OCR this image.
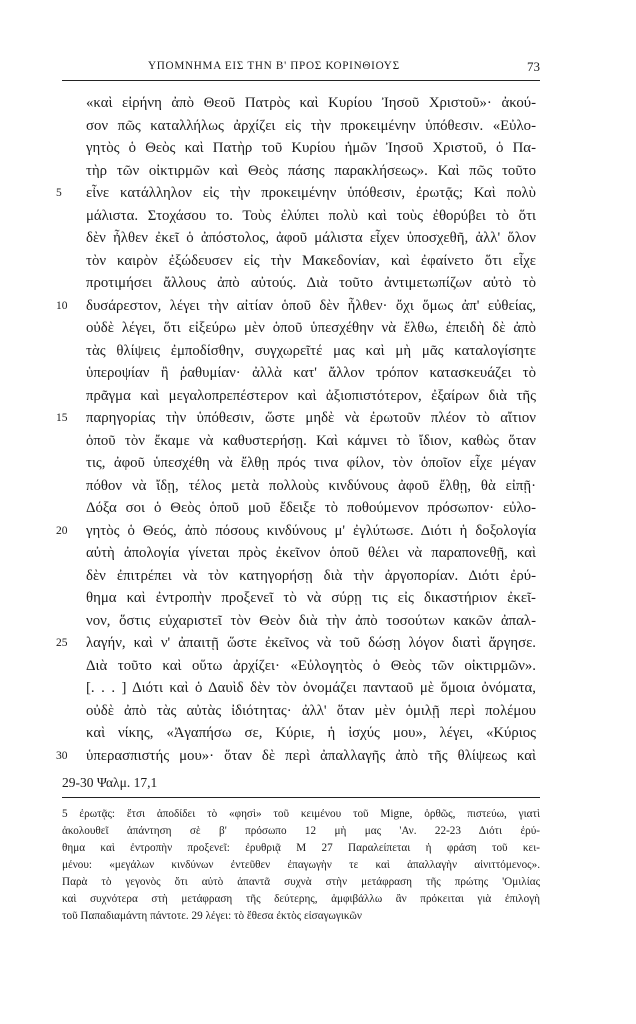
ΥΠΟΜΝΗΜΑ ΕΙΣ ΤΗΝ Β' ΠΡΟΣ ΚΟΡΙΝΘΙΟΥΣ	73
«καὶ εἰρήνη ἀπὸ Θεοῦ Πατρὸς καὶ Κυρίου Ἰησοῦ Χριστοῦ»· ἀκού-
σον πῶς καταλλήλως ἀρχίζει εἰς τὴν προκειμένην ὑπόθεσιν. «Εὐλο-
γητὸς ὁ Θεὸς καὶ Πατὴρ τοῦ Κυρίου ἡμῶν Ἰησοῦ Χριστοῦ, ὁ Πα-
τὴρ τῶν οἰκτιρμῶν καὶ Θεὸς πάσης παρακλήσεως». Καὶ πῶς τοῦτο
5	εἶνε κατάλληλον εἰς τὴν προκειμένην ὑπόθεσιν, ἐρωτᾷς; Καὶ πολὺ
μάλιστα. Στοχάσου το. Τοὺς ἐλύπει πολὺ καὶ τοὺς ἐθορύβει τὸ ὅτι
δὲν ἦλθεν ἐκεῖ ὁ ἀπόστολος, ἀφοῦ μάλιστα εἶχεν ὑποσχεθῆ, ἀλλ' ὅλον
τὸν καιρὸν ἐξώδευσεν εἰς τὴν Μακεδονίαν, καὶ ἐφαίνετο ὅτι εἶχε
προτιμήσει ἄλλους ἀπὸ αὐτούς. Διὰ τοῦτο ἀντιμετωπίζων αὐτὸ τὸ
10	δυσάρεστον, λέγει τὴν αἰτίαν ὁποῦ δὲν ἦλθεν· ὄχι ὅμως ἀπ' εὐθείας,
οὐδὲ λέγει, ὅτι εἰξεύρω μὲν ὁποῦ ὑπεσχέθην νὰ ἔλθω, ἐπειδὴ δὲ ἀπὸ
τὰς θλίψεις ἐμποδίσθην, συγχωρεῖτέ μας καὶ μὴ μᾶς καταλογίσητε
ὑπεροψίαν ἢ ῥαθυμίαν· ἀλλὰ κατ' ἄλλον τρόπον κατασκευάζει τὸ
πρᾶγμα καὶ μεγαλοπρεπέστερον καὶ ἀξιοπιστότερον, ἐξαίρων διὰ τῆς
15	παρηγορίας τὴν ὑπόθεσιν, ὥστε μηδὲ νὰ ἐρωτοῦν πλέον τὸ αἴτιον
ὁποῦ τὸν ἔκαμε νὰ καθυστερήσῃ. Καὶ κάμνει τὸ ἴδιον, καθὼς ὅταν
τις, ἀφοῦ ὑπεσχέθη νὰ ἔλθῃ πρός τινα φίλον, τὸν ὁποῖον εἶχε μέγαν
πόθον νὰ ἴδῃ, τέλος μετὰ πολλοὺς κινδύνους ἀφοῦ ἔλθῃ, θὰ εἰπῇ·
Δόξα σοι ὁ Θεὸς ὁποῦ μοῦ ἔδειξε τὸ ποθούμενον πρόσωπον· εὐλο-
20	γητὸς ὁ Θεός, ἀπὸ πόσους κινδύνους μ' ἐγλύτωσε. Διότι ἡ δοξολογία
αὐτὴ ἀπολογία γίνεται πρὸς ἐκεῖνον ὁποῦ θέλει νὰ παραπονεθῇ, καὶ
δὲν ἐπιτρέπει νὰ τὸν κατηγορήσῃ διὰ τὴν ἀργοπορίαν. Διότι ἐρύ-
θημα καὶ ἐντροπὴν προξενεῖ τὸ νὰ σύρῃ τις εἰς δικαστήριον ἐκεῖ-
νον, ὅστις εὐχαριστεῖ τὸν Θεὸν διὰ τὴν ἀπὸ τοσούτων κακῶν ἀπαλ-
25	λαγήν, καὶ ν' ἀπαιτῇ ὥστε ἐκεῖνος νὰ τοῦ δώσῃ λόγον διατὶ ἄργησε.
Διὰ τοῦτο καὶ οὕτω ἀρχίζει· «Εὐλογητὸς ὁ Θεὸς τῶν οἰκτιρμῶν».
[. . . ] Διότι καὶ ὁ Δαυὶδ δὲν τὸν ὀνομάζει πανταοῦ μὲ ὅμοια ὀνόματα,
οὐδὲ ἀπὸ τὰς αὐτὰς ἰδιότητας· ἀλλ' ὅταν μὲν ὁμιλῇ περὶ πολέμου
καὶ νίκης, «Ἀγαπήσω σε, Κύριε, ἡ ἰσχύς μου», λέγει, «Κύριος
30	ὑπερασπιστής μου»· ὅταν δὲ περὶ ἀπαλλαγῆς ἀπὸ τῆς θλίψεως καὶ
29-30 Ψαλμ. 17,1
5 ἐρωτᾷς: ἔτσι ἀποδίδει τὸ «φησὶ» τοῦ κειμένου τοῦ Migne, ὀρθῶς, πιστεύω, γιατὶ
ἀκολουθεῖ ἀπάντηση σὲ β' πρόσωπο 12 μὴ μας 'Αν. 22-23 Διότι ἐρύ-
θημα καὶ ἐντροπὴν προξενεῖ: ἐρυθριᾷ Μ 27 Παραλείπεται ἡ φράση τοῦ κει-
μένου: «μεγάλων κινδύνων ἐντεῦθεν ἐπαγωγὴν τε καὶ ἀπαλλαγὴν αἰνιττόμενος».
Παρὰ τὸ γεγονὸς ὅτι αὐτὸ ἀπαντᾶ συχνὰ στὴν μετάφραση τῆς πρώτης 'Ομιλίας
καὶ συχνότερα στὴ μετάφραση τῆς δεύτερης, ἀμφιβάλλω ἂν πρόκειται γιὰ ἐπιλογὴ
τοῦ Παπαδιαμάντη πάντοτε. 29 λέγει: τὸ ἔθεσα ἐκτὸς εἰσαγωγικῶν
